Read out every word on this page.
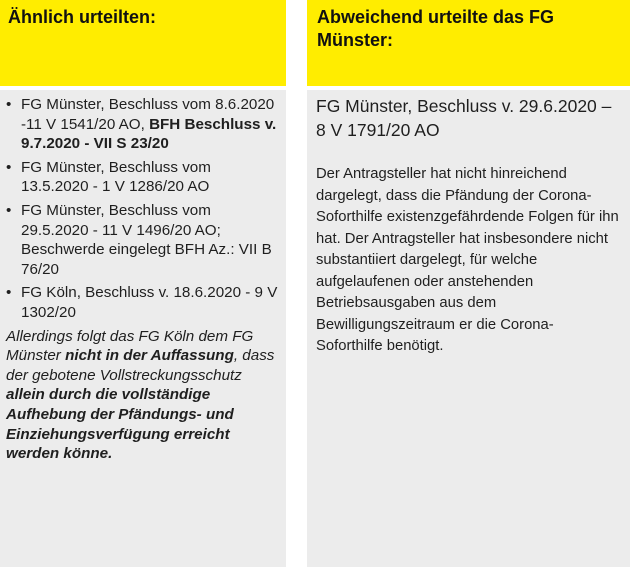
Ähnlich urteilten:
• FG Münster, Beschluss vom 8.6.2020 -11 V 1541/20 AO, BFH Beschluss v. 9.7.2020 - VII S 23/20
• FG Münster, Beschluss vom 13.5.2020 - 1 V 1286/20 AO
• FG Münster, Beschluss vom 29.5.2020 - 11 V 1496/20 AO; Beschwerde eingelegt BFH Az.: VII B 76/20
• FG Köln, Beschluss v. 18.6.2020 - 9 V 1302/20

Allerdings folgt das FG Köln dem FG Münster nicht in der Auffassung, dass der gebotene Vollstreckungsschutz allein durch die vollständige Aufhebung der Pfändungs- und Einziehungsverfügung erreicht werden könne.

Abweichend urteilte das FG Münster:

FG Münster, Beschluss v. 29.6.2020 – 8 V 1791/20 AO

Der Antragsteller hat nicht hinreichend dargelegt, dass die Pfändung der Corona-Soforthilfe existenzgefährdende Folgen für ihn hat. Der Antragsteller hat insbesondere nicht substantiiert dargelegt, für welche aufgelaufenen oder anstehenden Betriebsausgaben aus dem Bewilligungszeitraum er die Corona-Soforthilfe benötigt.
